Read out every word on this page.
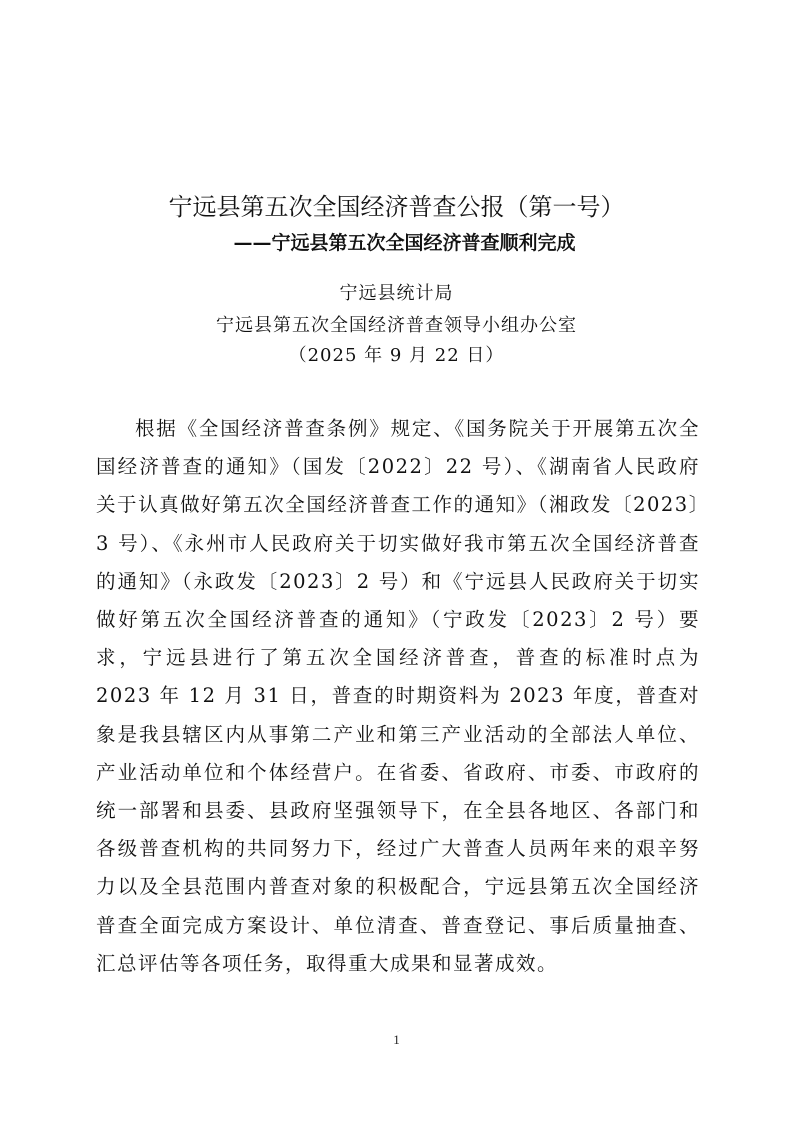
宁远县第五次全国经济普查公报（第一号）
——宁远县第五次全国经济普查顺利完成
宁远县统计局
宁远县第五次全国经济普查领导小组办公室
（2025 年 9 月 22 日）

根据《全国经济普查条例》规定、《国务院关于开展第五次全国经济普查的通知》（国发〔2022〕22 号）、《湖南省人民政府关于认真做好第五次全国经济普查工作的通知》（湘政发〔2023〕3 号）、《永州市人民政府关于切实做好我市第五次全国经济普查的通知》（永政发〔2023〕2 号）和《宁远县人民政府关于切实做好第五次全国经济普查的通知》（宁政发〔2023〕2 号）要求，宁远县进行了第五次全国经济普查，普查的标准时点为 2023 年 12 月 31 日，普查的时期资料为 2023 年度，普查对象是我县辖区内从事第二产业和第三产业活动的全部法人单位、产业活动单位和个体经营户。在省委、省政府、市委、市政府的统一部署和县委、县政府坚强领导下，在全县各地区、各部门和各级普查机构的共同努力下，经过广大普查人员两年来的艰辛努力以及全县范围内普查对象的积极配合，宁远县第五次全国经济普查全面完成方案设计、单位清查、普查登记、事后质量抽查、汇总评估等各项任务，取得重大成果和显著成效。

1
